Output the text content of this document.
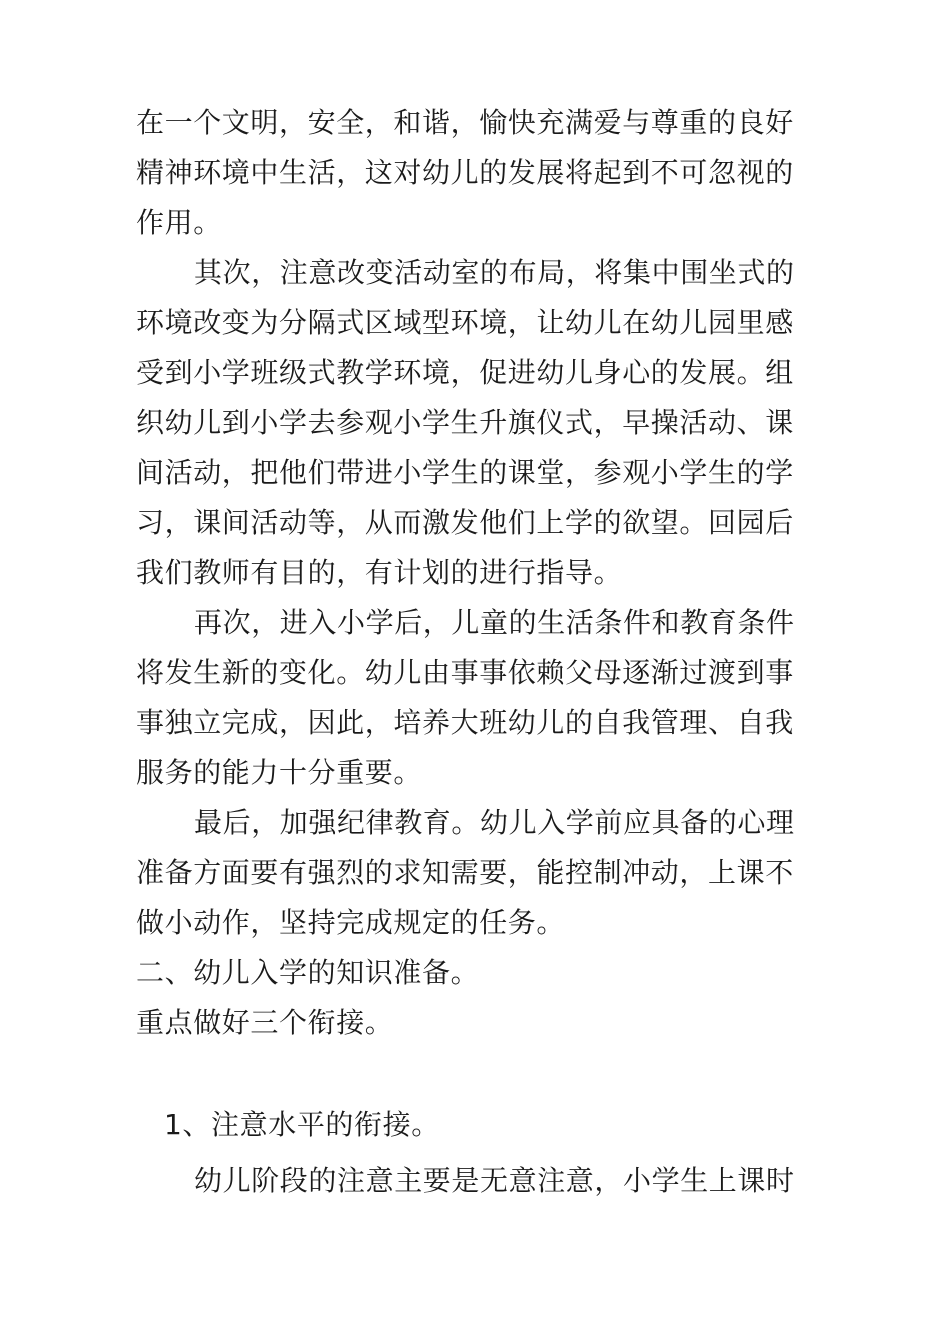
在一个文明，安全，和谐，愉快充满爱与尊重的良好
精神环境中生活，这对幼儿的发展将起到不可忽视的
作用。
其次，注意改变活动室的布局，将集中围坐式的
环境改变为分隔式区域型环境，让幼儿在幼儿园里感
受到小学班级式教学环境，促进幼儿身心的发展。组
织幼儿到小学去参观小学生升旗仪式，早操活动、课
间活动，把他们带进小学生的课堂，参观小学生的学
习，课间活动等，从而激发他们上学的欲望。回园后
我们教师有目的，有计划的进行指导。
再次，进入小学后，儿童的生活条件和教育条件
将发生新的变化。幼儿由事事依赖父母逐渐过渡到事
事独立完成，因此，培养大班幼儿的自我管理、自我
服务的能力十分重要。
最后，加强纪律教育。幼儿入学前应具备的心理
准备方面要有强烈的求知需要，能控制冲动，上课不
做小动作，坚持完成规定的任务。
二、幼儿入学的知识准备。
重点做好三个衔接。
1、注意水平的衔接。
幼儿阶段的注意主要是无意注意，小学生上课时
